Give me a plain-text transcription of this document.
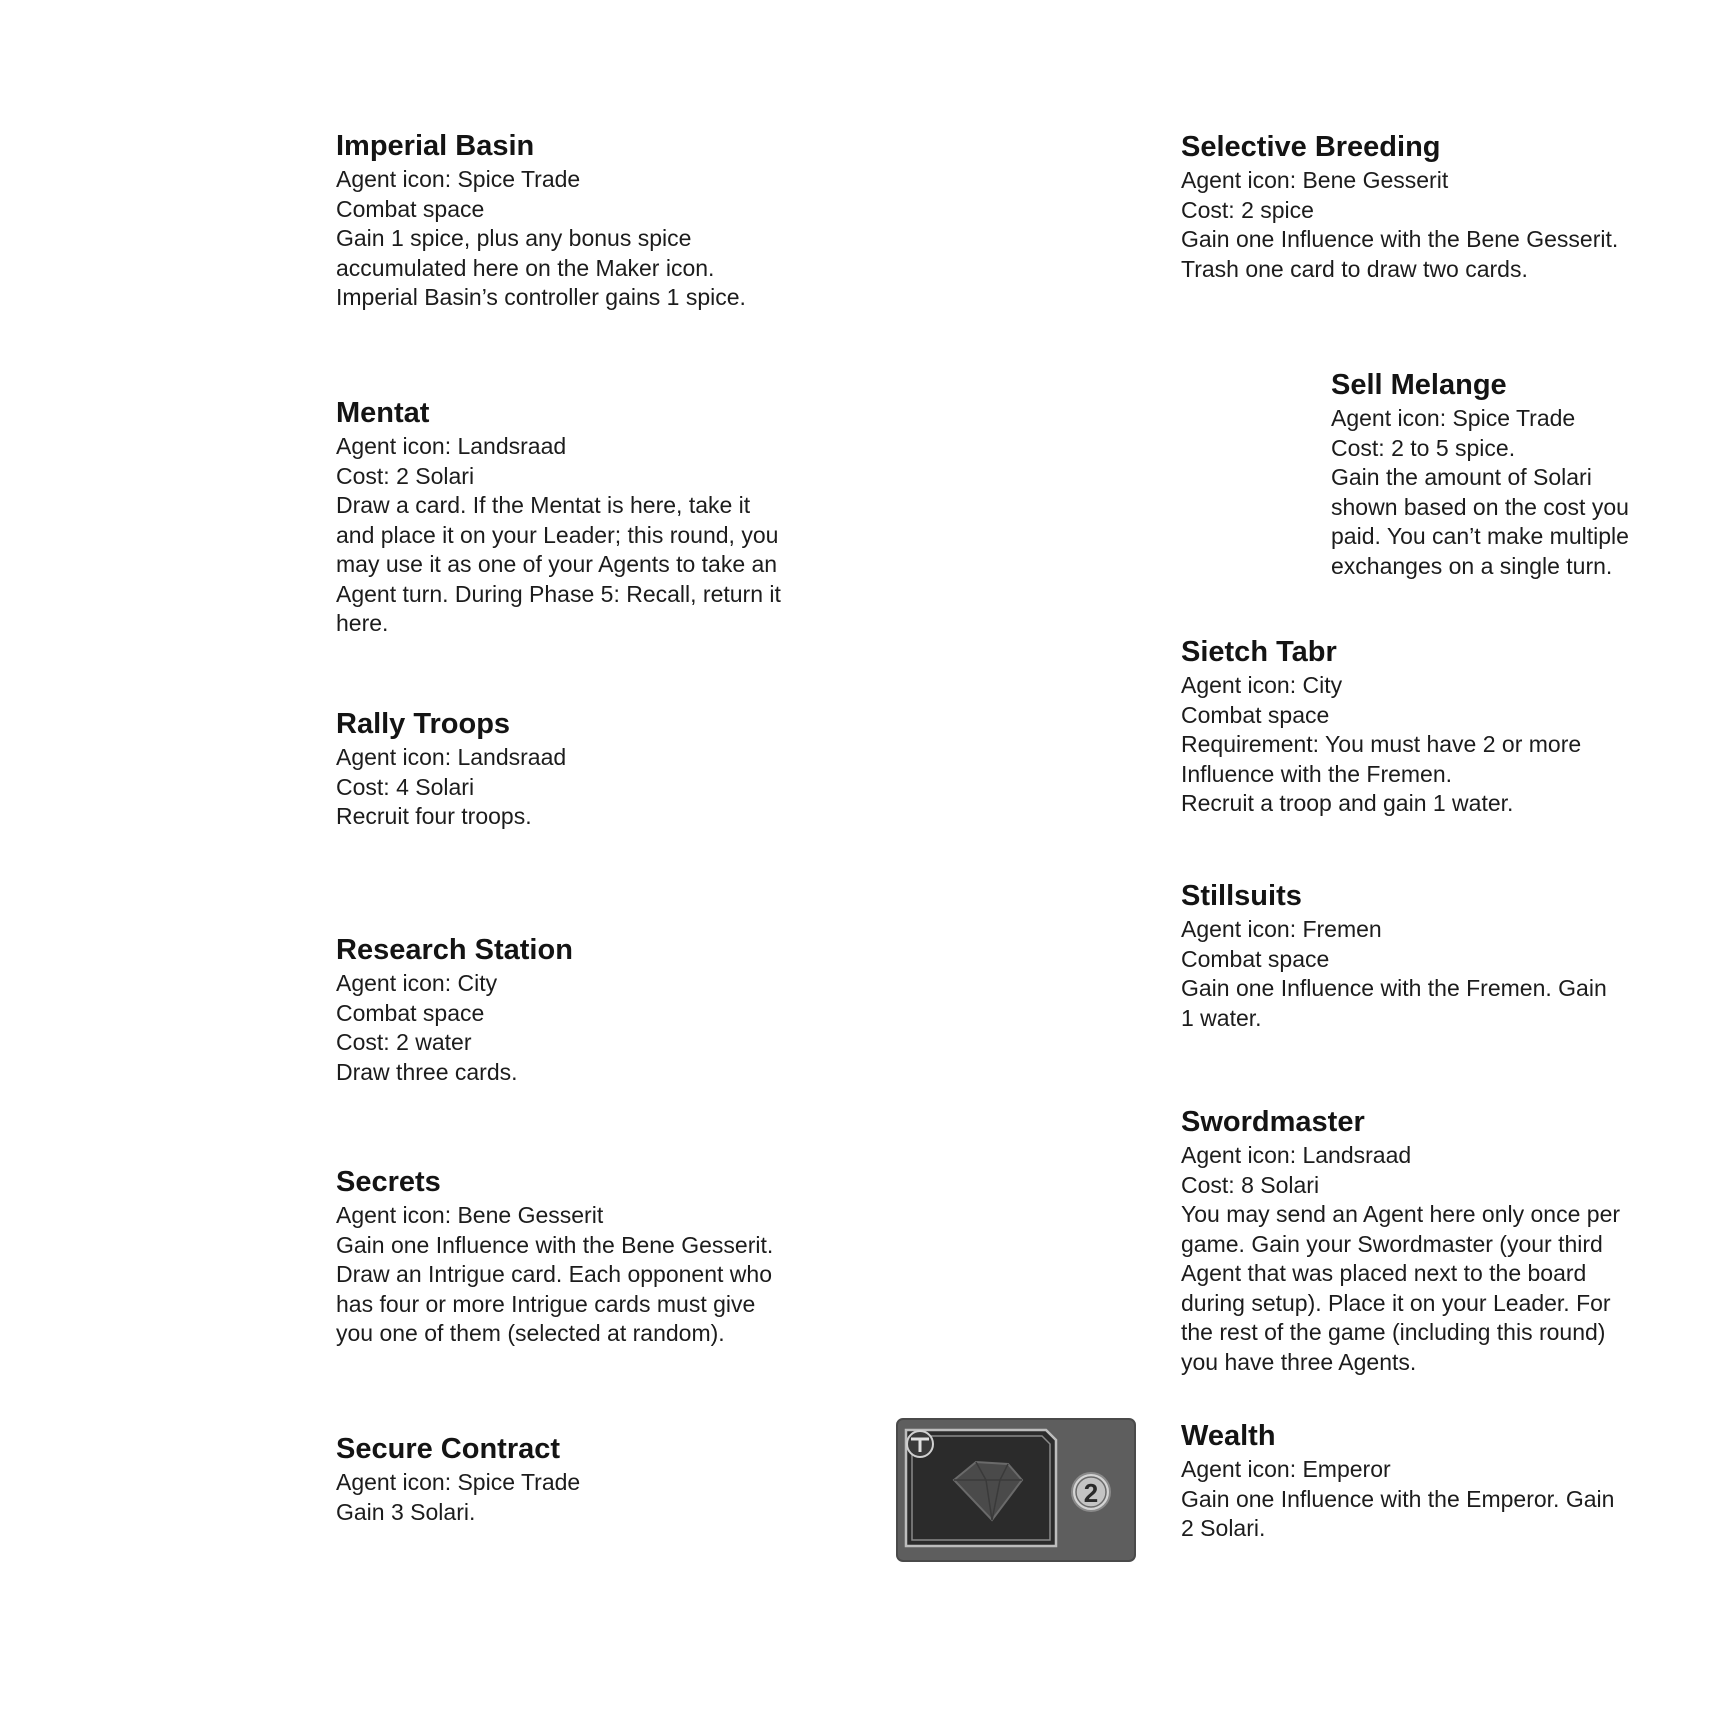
Imperial Basin
Agent icon: Spice Trade
Combat space
Gain 1 spice, plus any bonus spice
accumulated here on the Maker icon.
Imperial Basin’s controller gains 1 spice.
Mentat
Agent icon: Landsraad
Cost: 2 Solari
Draw a card. If the Mentat is here, take it
and place it on your Leader; this round, you
may use it as one of your Agents to take an
Agent turn. During Phase 5: Recall, return it
here.
Rally Troops
Agent icon: Landsraad
Cost: 4 Solari
Recruit four troops.
Research Station
Agent icon: City
Combat space
Cost: 2 water
Draw three cards.
Secrets
Agent icon: Bene Gesserit
Gain one Influence with the Bene Gesserit.
Draw an Intrigue card. Each opponent who
has four or more Intrigue cards must give
you one of them (selected at random).
Secure Contract
Agent icon: Spice Trade
Gain 3 Solari.
Selective Breeding
Agent icon: Bene Gesserit
Cost: 2 spice
Gain one Influence with the Bene Gesserit.
Trash one card to draw two cards.
Sell Melange
Agent icon: Spice Trade
Cost: 2 to 5 spice.
Gain the amount of Solari
shown based on the cost you
paid. You can’t make multiple
exchanges on a single turn.
Sietch Tabr
Agent icon: City
Combat space
Requirement: You must have 2 or more
Influence with the Fremen.
Recruit a troop and gain 1 water.
Stillsuits
Agent icon: Fremen
Combat space
Gain one Influence with the Fremen. Gain
1 water.
Swordmaster
Agent icon: Landsraad
Cost: 8 Solari
You may send an Agent here only once per
game. Gain your Swordmaster (your third
Agent that was placed next to the board
during setup). Place it on your Leader. For
the rest of the game (including this round)
you have three Agents.
Wealth
Agent icon: Emperor
Gain one Influence with the Emperor. Gain
2 Solari.
2
